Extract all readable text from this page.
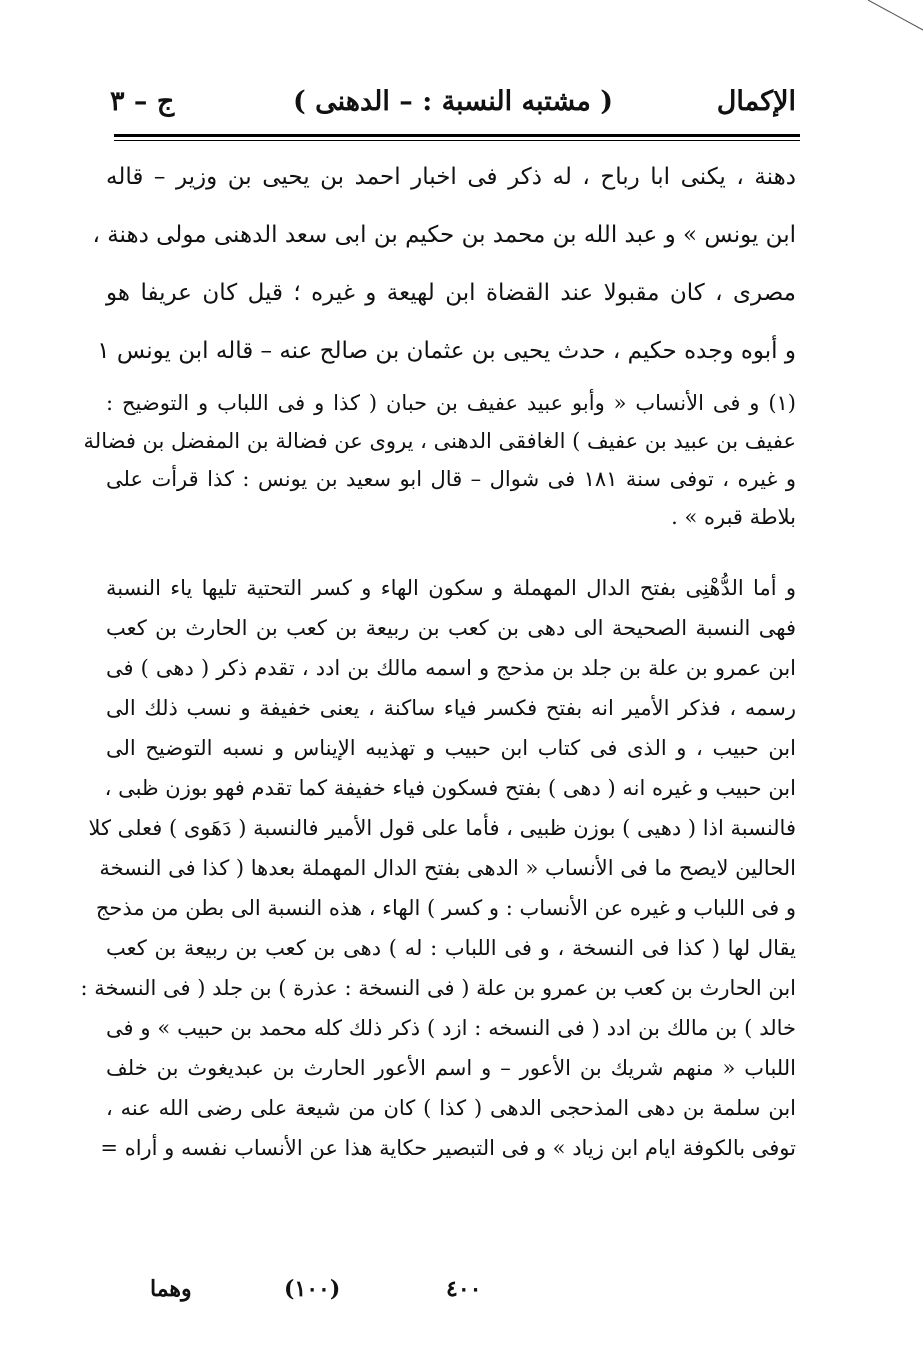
الإكمال
( مشتبه النسبة : – الدهنى )
ج – ٣

دهنة ، يكنى ابا رباح ، له ذكر فى اخبار احمد بن يحيى بن وزير – قاله

ابن يونس » و عبد الله بن محمد بن حكيم بن ابى سعد الدهنى مولى دهنة ،

مصرى ، كان مقبولا عند القضاة ابن لهيعة و غيره ؛ قيل كان عريفا هو

و أبوه وجده حكيم ، حدث يحيى بن عثمان بن صالح عنه – قاله ابن يونس ١

(١) و فى الأنساب « وأبو عبيد عفيف بن حبان ( كذا و فى اللباب و التوضيح :

عفيف بن عبيد بن عفيف ) الغافقى الدهنى ، يروى عن فضالة بن المفضل بن فضالة

و غيره ، توفى سنة ١٨١ فى شوال – قال ابو سعيد بن يونس : كذا قرأت على

بلاطة قبره » .

و أما الدُّهْنِى بفتح الدال المهملة و سكون الهاء و كسر التحتية تليها ياء النسبة

فهى النسبة الصحيحة الى دهى بن كعب بن ربيعة بن كعب بن الحارث بن كعب

ابن عمرو بن علة بن جلد بن مذحج و اسمه مالك بن ادد ، تقدم ذكر ( دهى ) فى

رسمه ، فذكر الأمير انه بفتح فكسر فياء ساكنة ، يعنى خفيفة و نسب ذلك الى

ابن حبيب ، و الذى فى كتاب ابن حبيب و تهذيبه الإيناس و نسبه التوضيح الى

ابن حبيب و غيره انه ( دهى ) بفتح فسكون فياء خفيفة كما تقدم فهو بوزن ظبى ،

فالنسبة اذا ( دهيى ) بوزن ظبيى ، فأما على قول الأمير فالنسبة ( دَهَوى ) فعلى كلا

الحالين لايصح ما فى الأنساب « الدهى بفتح الدال المهملة بعدها ( كذا فى النسخة

و فى اللباب و غيره عن الأنساب : و كسر ) الهاء ، هذه النسبة الى بطن من مذحج

يقال لها ( كذا فى النسخة ، و فى اللباب : له ) دهى بن كعب بن ربيعة بن كعب

ابن الحارث بن كعب بن عمرو بن علة ( فى النسخة : عذرة ) بن جلد ( فى النسخة :

خالد ) بن مالك بن ادد ( فى النسخه : ازد ) ذكر ذلك كله محمد بن حبيب » و فى

اللباب « منهم شريك بن الأعور – و اسم الأعور الحارث بن عبديغوث بن خلف

ابن سلمة بن دهى المذحجى الدهى ( كذا ) كان من شيعة على رضى الله عنه ،

توفى بالكوفة ايام ابن زياد » و فى التبصير حكاية هذا عن الأنساب نفسه و أراه =

وهما	(١٠٠)	٤٠٠
